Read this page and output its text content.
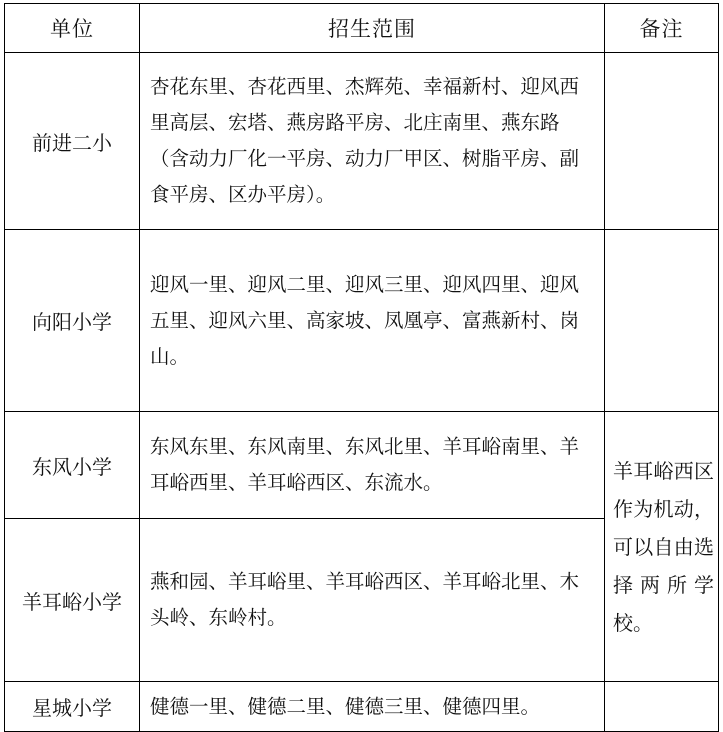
单位	招生范围	备注
前进二小	杏花东里、杏花西里、杰辉苑、幸福新村、迎风西里高层、宏塔、燕房路平房、北庄南里、燕东路（含动力厂化一平房、动力厂甲区、树脂平房、副食平房、区办平房）。	
向阳小学	迎风一里、迎风二里、迎风三里、迎风四里、迎风五里、迎风六里、高家坡、凤凰亭、富燕新村、岗山。	
东风小学	东风东里、东风南里、东风北里、羊耳峪南里、羊耳峪西里、羊耳峪西区、东流水。	羊耳峪西区作为机动，可以自由选择两所学校。
羊耳峪小学	燕和园、羊耳峪里、羊耳峪西区、羊耳峪北里、木头岭、东岭村。	
星城小学	健德一里、健德二里、健德三里、健德四里。	
